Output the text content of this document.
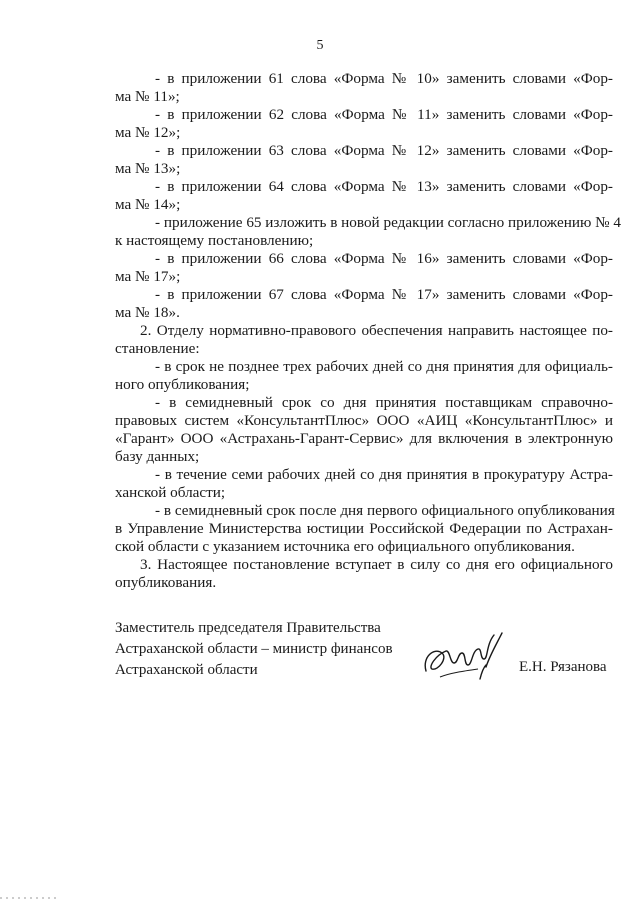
5
- в приложении 61 слова «Форма № 10» заменить словами «Фор-
ма № 11»;
- в приложении 62 слова «Форма № 11» заменить словами «Фор-
ма № 12»;
- в приложении 63 слова «Форма № 12» заменить словами «Фор-
ма № 13»;
- в приложении 64 слова «Форма № 13» заменить словами «Фор-
ма № 14»;
- приложение 65 изложить в новой редакции согласно приложению № 4
к настоящему постановлению;
- в приложении 66 слова «Форма № 16» заменить словами «Фор-
ма № 17»;
- в приложении 67 слова «Форма № 17» заменить словами «Фор-
ма № 18».
2. Отделу нормативно-правового обеспечения направить настоящее по-
становление:
- в срок не позднее трех рабочих дней со дня принятия для официаль-
ного опубликования;
- в семидневный срок со дня принятия поставщикам справочно-
правовых систем «КонсультантПлюс» ООО «АИЦ «КонсультантПлюс» и
«Гарант» ООО «Астрахань-Гарант-Сервис» для включения в электронную
базу данных;
- в течение семи рабочих дней со дня принятия в прокуратуру Астра-
ханской области;
- в семидневный срок после дня первого официального опубликования
в Управление Министерства юстиции Российской Федерации по Астрахан-
ской области с указанием источника его официального опубликования.
3. Настоящее постановление вступает в силу со дня его официального
опубликования.
Заместитель председателя Правительства
Астраханской области – министр финансов
Астраханской области	Е.Н. Рязанова
